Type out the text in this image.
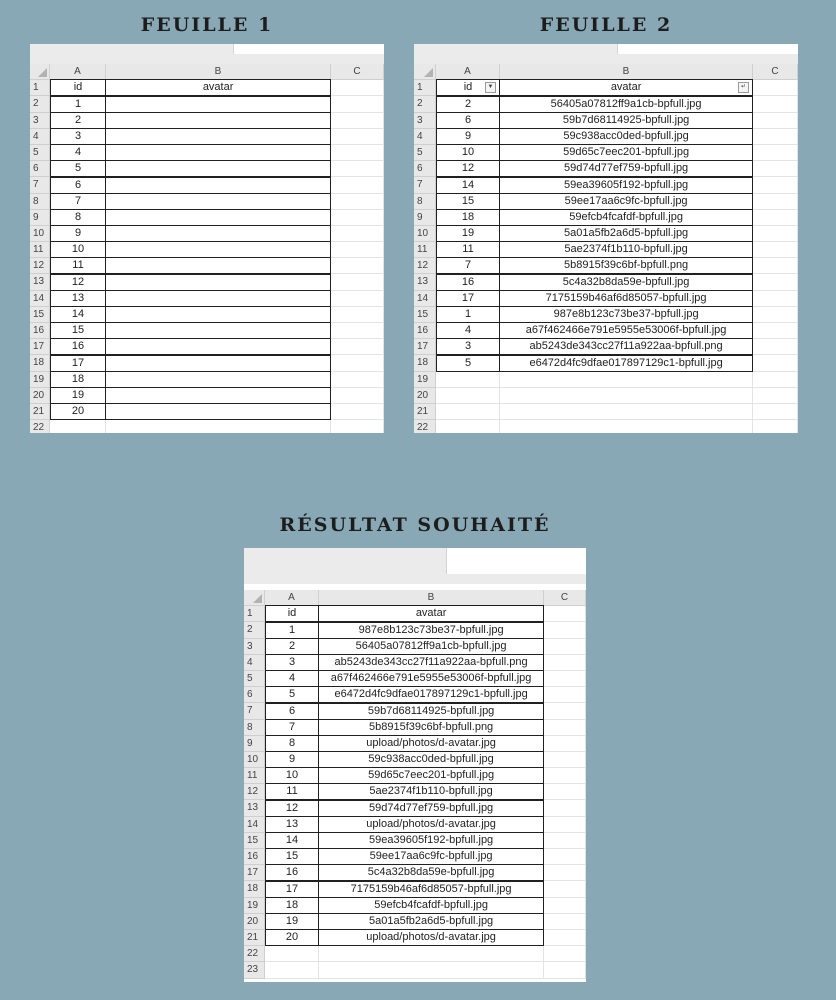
FEUILLE 1	FEUILLE 2
RÉSULTAT SOUHAITÉ
A	B	C
1	id	avatar
2	1
3	2
4	3
5	4
6	5
7	6
8	7
9	8
10	9
11	10
12	11
13	12
14	13
15	14
16	15
17	16
18	17
19	18
20	19
21	20
22
A	B	C
1	id	▼	avatar	↵
2	2	56405a07812ff9a1cb-bpfull.jpg
3	6	59b7d68114925-bpfull.jpg
4	9	59c938acc0ded-bpfull.jpg
5	10	59d65c7eec201-bpfull.jpg
6	12	59d74d77ef759-bpfull.jpg
7	14	59ea39605f192-bpfull.jpg
8	15	59ee17aa6c9fc-bpfull.jpg
9	18	59efcb4fcafdf-bpfull.jpg
10	19	5a01a5fb2a6d5-bpfull.jpg
11	11	5ae2374f1b110-bpfull.jpg
12	7	5b8915f39c6bf-bpfull.png
13	16	5c4a32b8da59e-bpfull.jpg
14	17	7175159b46af6d85057-bpfull.jpg
15	1	987e8b123c73be37-bpfull.jpg
16	4	a67f462466e791e5955e53006f-bpfull.jpg
17	3	ab5243de343cc27f11a922aa-bpfull.png
18	5	e6472d4fc9dfae017897129c1-bpfull.jpg
19
20
21
22
A	B	C
1	id	avatar
2	1	987e8b123c73be37-bpfull.jpg
3	2	56405a07812ff9a1cb-bpfull.jpg
4	3	ab5243de343cc27f11a922aa-bpfull.png
5	4	a67f462466e791e5955e53006f-bpfull.jpg
6	5	e6472d4fc9dfae017897129c1-bpfull.jpg
7	6	59b7d68114925-bpfull.jpg
8	7	5b8915f39c6bf-bpfull.png
9	8	upload/photos/d-avatar.jpg
10	9	59c938acc0ded-bpfull.jpg
11	10	59d65c7eec201-bpfull.jpg
12	11	5ae2374f1b110-bpfull.jpg
13	12	59d74d77ef759-bpfull.jpg
14	13	upload/photos/d-avatar.jpg
15	14	59ea39605f192-bpfull.jpg
16	15	59ee17aa6c9fc-bpfull.jpg
17	16	5c4a32b8da59e-bpfull.jpg
18	17	7175159b46af6d85057-bpfull.jpg
19	18	59efcb4fcafdf-bpfull.jpg
20	19	5a01a5fb2a6d5-bpfull.jpg
21	20	upload/photos/d-avatar.jpg
22
23
